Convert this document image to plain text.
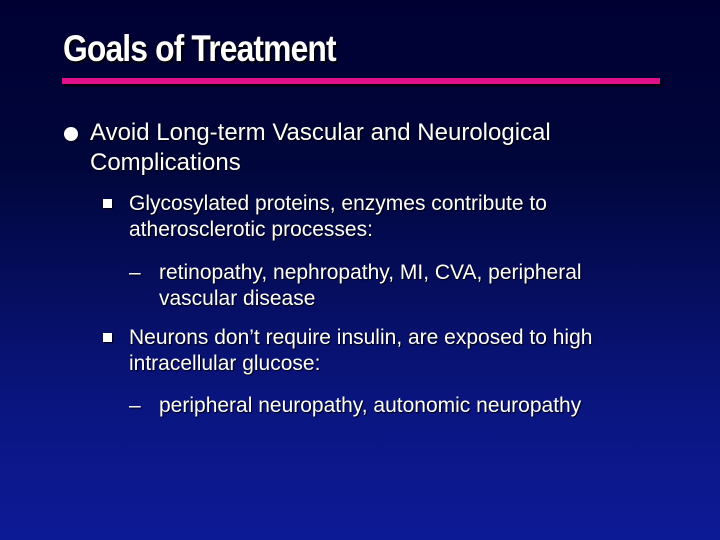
Goals of Treatment
Avoid Long-term Vascular and Neurological Complications
Glycosylated proteins, enzymes contribute to atherosclerotic processes:
– retinopathy, nephropathy, MI, CVA, peripheral vascular disease
Neurons don’t require insulin, are exposed to high intracellular glucose:
– peripheral neuropathy, autonomic neuropathy
